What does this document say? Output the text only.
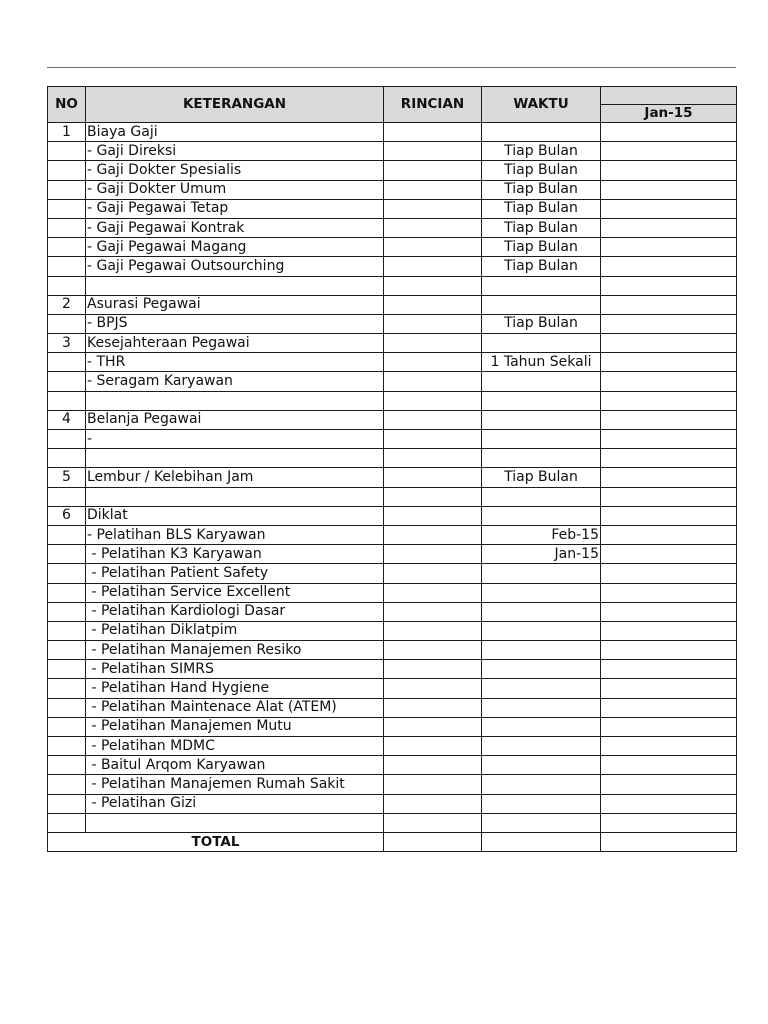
NO	KETERANGAN	RINCIAN	WAKTU	
				Jan-15
1	Biaya Gaji			
	- Gaji Direksi		Tiap Bulan	
	- Gaji Dokter Spesialis		Tiap Bulan	
	- Gaji Dokter Umum		Tiap Bulan	
	- Gaji Pegawai Tetap		Tiap Bulan	
	- Gaji Pegawai Kontrak		Tiap Bulan	
	- Gaji Pegawai Magang		Tiap Bulan	
	- Gaji Pegawai Outsourching		Tiap Bulan	

2	Asurasi Pegawai			
	- BPJS		Tiap Bulan	
3	Kesejahteraan Pegawai			
	- THR		1 Tahun Sekali	
	- Seragam Karyawan			

4	Belanja Pegawai			
	-			

5	Lembur / Kelebihan Jam		Tiap Bulan	

6	Diklat			
	- Pelatihan BLS Karyawan		Feb-15	
	- Pelatihan K3 Karyawan		Jan-15	
	- Pelatihan Patient Safety			
	- Pelatihan Service Excellent			
	- Pelatihan Kardiologi Dasar			
	- Pelatihan Diklatpim			
	- Pelatihan Manajemen Resiko			
	- Pelatihan SIMRS			
	- Pelatihan Hand Hygiene			
	- Pelatihan Maintenace Alat (ATEM)			
	- Pelatihan Manajemen Mutu			
	- Pelatihan MDMC			
	- Baitul Arqom Karyawan			
	- Pelatihan Manajemen Rumah Sakit			
	- Pelatihan Gizi			

TOTAL				
